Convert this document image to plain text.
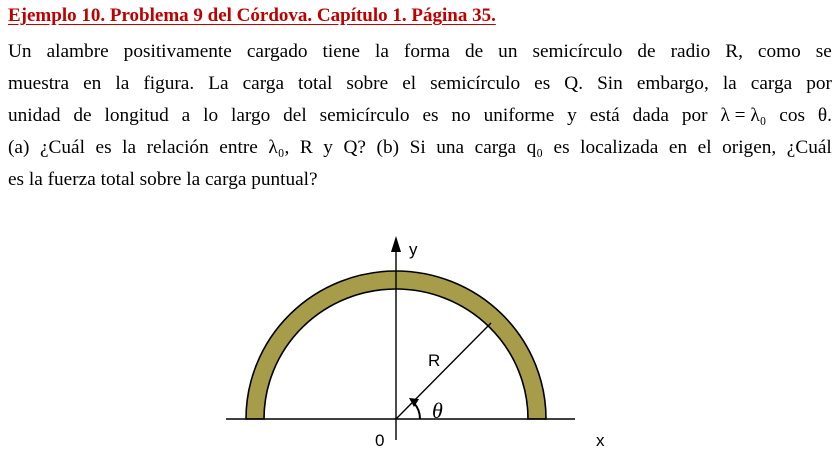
Ejemplo 10. Problema 9 del Córdova. Capítulo 1. Página 35.
Un alambre positivamente cargado tiene la forma de un semicírculo de radio R, como se
muestra en la figura. La carga total sobre el semicírculo es Q. Sin embargo, la carga por
unidad de longitud a lo largo del semicírculo es no uniforme y está dada por λ = λ₀ cos θ.
(a) ¿Cuál es la relación entre λ₀, R y Q? (b) Si una carga q₀ es localizada en el origen, ¿Cuál
es la fuerza total sobre la carga puntual?
y
x
0
R
θ
